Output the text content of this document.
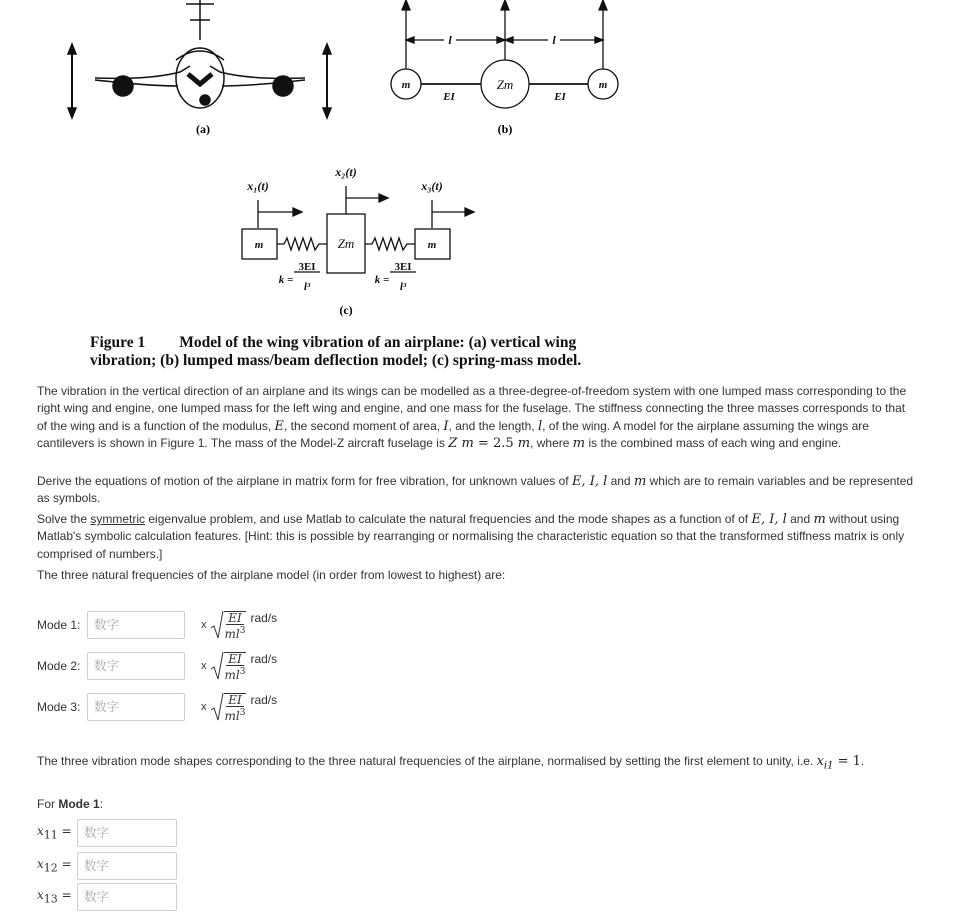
(a)
l	l
m	Zm	m
EI	EI
(b)
x₁(t)
x₂(t)
x₃(t)
m	Zm	m
k =
3EI
l³
k =
3EI
l³
(c)
Figure 1 Model of the wing vibration of an airplane: (a) vertical wing vibration; (b) lumped mass/beam deflection model; (c) spring-mass model.
The vibration in the vertical direction of an airplane and its wings can be modelled as a three-degree-of-freedom system with one lumped mass corresponding to the right wing and engine, one lumped mass for the left wing and engine, and one mass for the fuselage. The stiffness connecting the three masses corresponds to that of the wing and is a function of the modulus, E, the second moment of area, I, and the length, l, of the wing. A model for the airplane assuming the wings are cantilevers is shown in Figure 1. The mass of the Model-Z aircraft fuselage is Z m = 2.5 m, where m is the combined mass of each wing and engine.
Derive the equations of motion of the airplane in matrix form for free vibration, for unknown values of E, I, l and m which are to remain variables and be represented as symbols.
Solve the symmetric eigenvalue problem, and use Matlab to calculate the natural frequencies and the mode shapes as a function of of E, I, l and m without using Matlab's symbolic calculation features. [Hint: this is possible by rearranging or normalising the characteristic equation so that the transformed stiffness matrix is only comprised of numbers.]
The three natural frequencies of the airplane model (in order from lowest to highest) are:
Mode 1:
数字	x $\frac{EI}{ml^3} rad/s$
Mode 2:
数字	x $\frac{EI}{ml^3} rad/s$
Mode 3:
数字	x $\frac{EI}{ml^3} rad/s$
The three vibration mode shapes corresponding to the three natural frequencies of the airplane, normalised by setting the first element to unity, i.e. $x_{i1} = 1$.
For Mode 1:
$x_{11}$ =
数字
$x_{12}$ =
数字
$x_{13}$ =
数字
